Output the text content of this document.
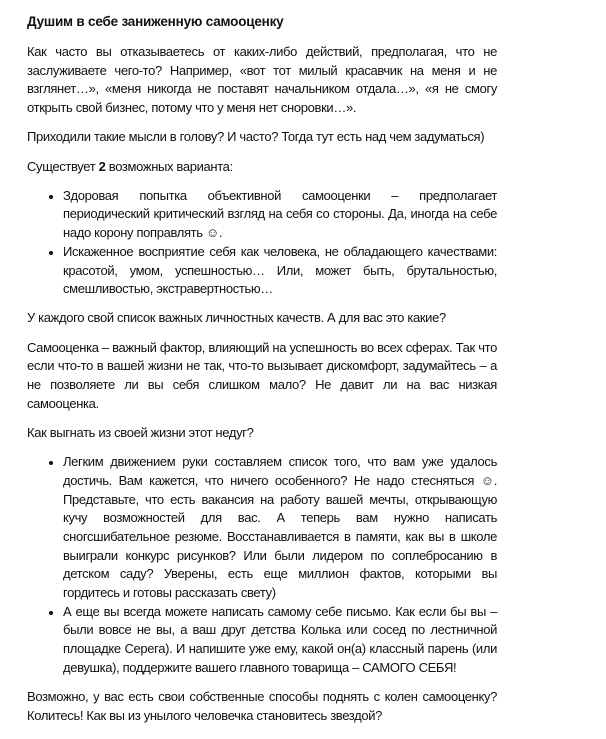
Душим в себе заниженную самооценку

Как часто вы отказываетесь от каких-либо действий, предполагая, что не заслуживаете чего-то? Например, «вот тот милый красавчик на меня и не взглянет…», «меня никогда не поставят начальником отдала…», «я не смогу открыть свой бизнес, потому что у меня нет сноровки…».

Приходили такие мысли в голову? И часто? Тогда тут есть над чем задуматься)

Существует 2 возможных варианта:

• Здоровая попытка объективной самооценки – предполагает периодический критический взгляд на себя со стороны. Да, иногда на себе надо корону поправлять ☺.
• Искаженное восприятие себя как человека, не обладающего качествами: красотой, умом, успешностью… Или, может быть, брутальностью, смешливостью, экстравертностью…

У каждого свой список важных личностных качеств. А для вас это какие?

Самооценка – важный фактор, влияющий на успешность во всех сферах. Так что если что-то в вашей жизни не так, что-то вызывает дискомфорт, задумайтесь – а не позволяете ли вы себя слишком мало? Не давит ли на вас низкая самооценка.

Как выгнать из своей жизни этот недуг?

• Легким движением руки составляем список того, что вам уже удалось достичь. Вам кажется, что ничего особенного? Не надо стесняться ☺. Представьте, что есть вакансия на работу вашей мечты, открывающую кучу возможностей для вас. А теперь вам нужно написать сногсшибательное резюме. Восстанавливается в памяти, как вы в школе выиграли конкурс рисунков? Или были лидером по соплебросанию в детском саду? Уверены, есть еще миллион фактов, которыми вы гордитесь и готовы рассказать свету)
• А еще вы всегда можете написать самому себе письмо. Как если бы вы – были вовсе не вы, а ваш друг детства Колька или сосед по лестничной площадке Серега). И напишите уже ему, какой он(а) классный парень (или девушка), поддержите вашего главного товарища – САМОГО СЕБЯ!

Возможно, у вас есть свои собственные способы поднять с колен самооценку? Колитесь! Как вы из унылого человечка становитесь звездой?
